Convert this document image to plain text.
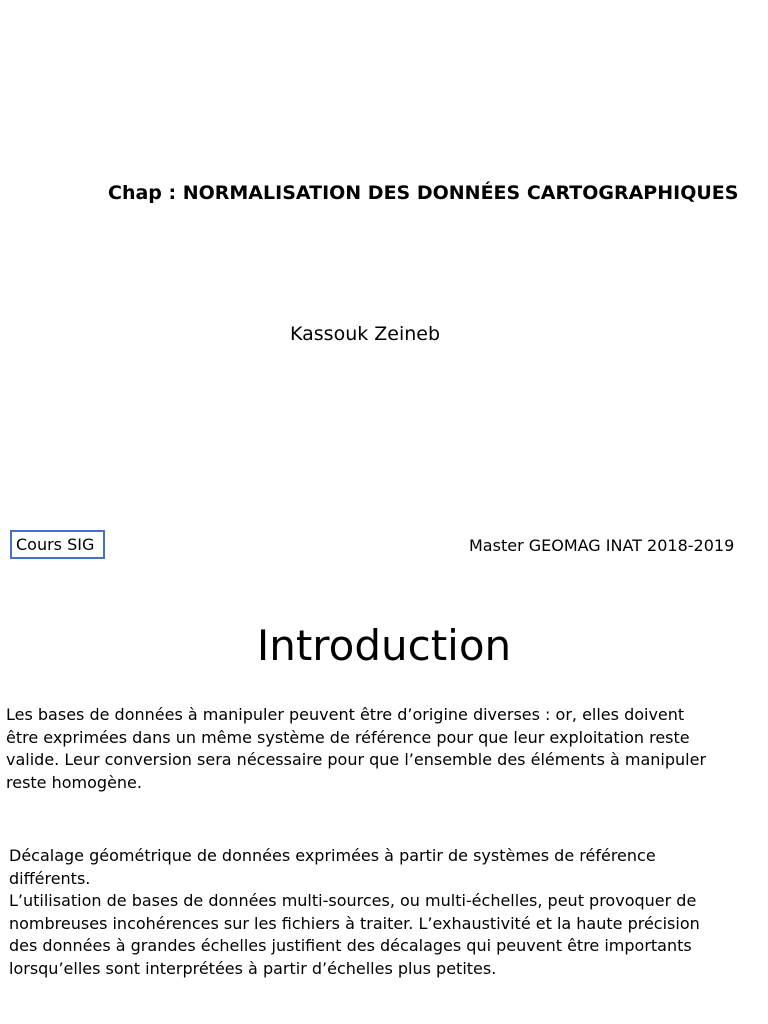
Chap : NORMALISATION DES DONNÉES CARTOGRAPHIQUES
Kassouk Zeineb
Cours SIG	Master GEOMAG INAT 2018-2019
Introduction
Les bases de données à manipuler peuvent être d’origine diverses : or, elles doivent
être exprimées dans un même système de référence pour que leur exploitation reste
valide. Leur conversion sera nécessaire pour que l’ensemble des éléments à manipuler
reste homogène.
Décalage géométrique de données exprimées à partir de systèmes de référence
différents.
L’utilisation de bases de données multi-sources, ou multi-échelles, peut provoquer de
nombreuses incohérences sur les fichiers à traiter. L’exhaustivité et la haute précision
des données à grandes échelles justifient des décalages qui peuvent être importants
lorsqu’elles sont interprétées à partir d’échelles plus petites.
